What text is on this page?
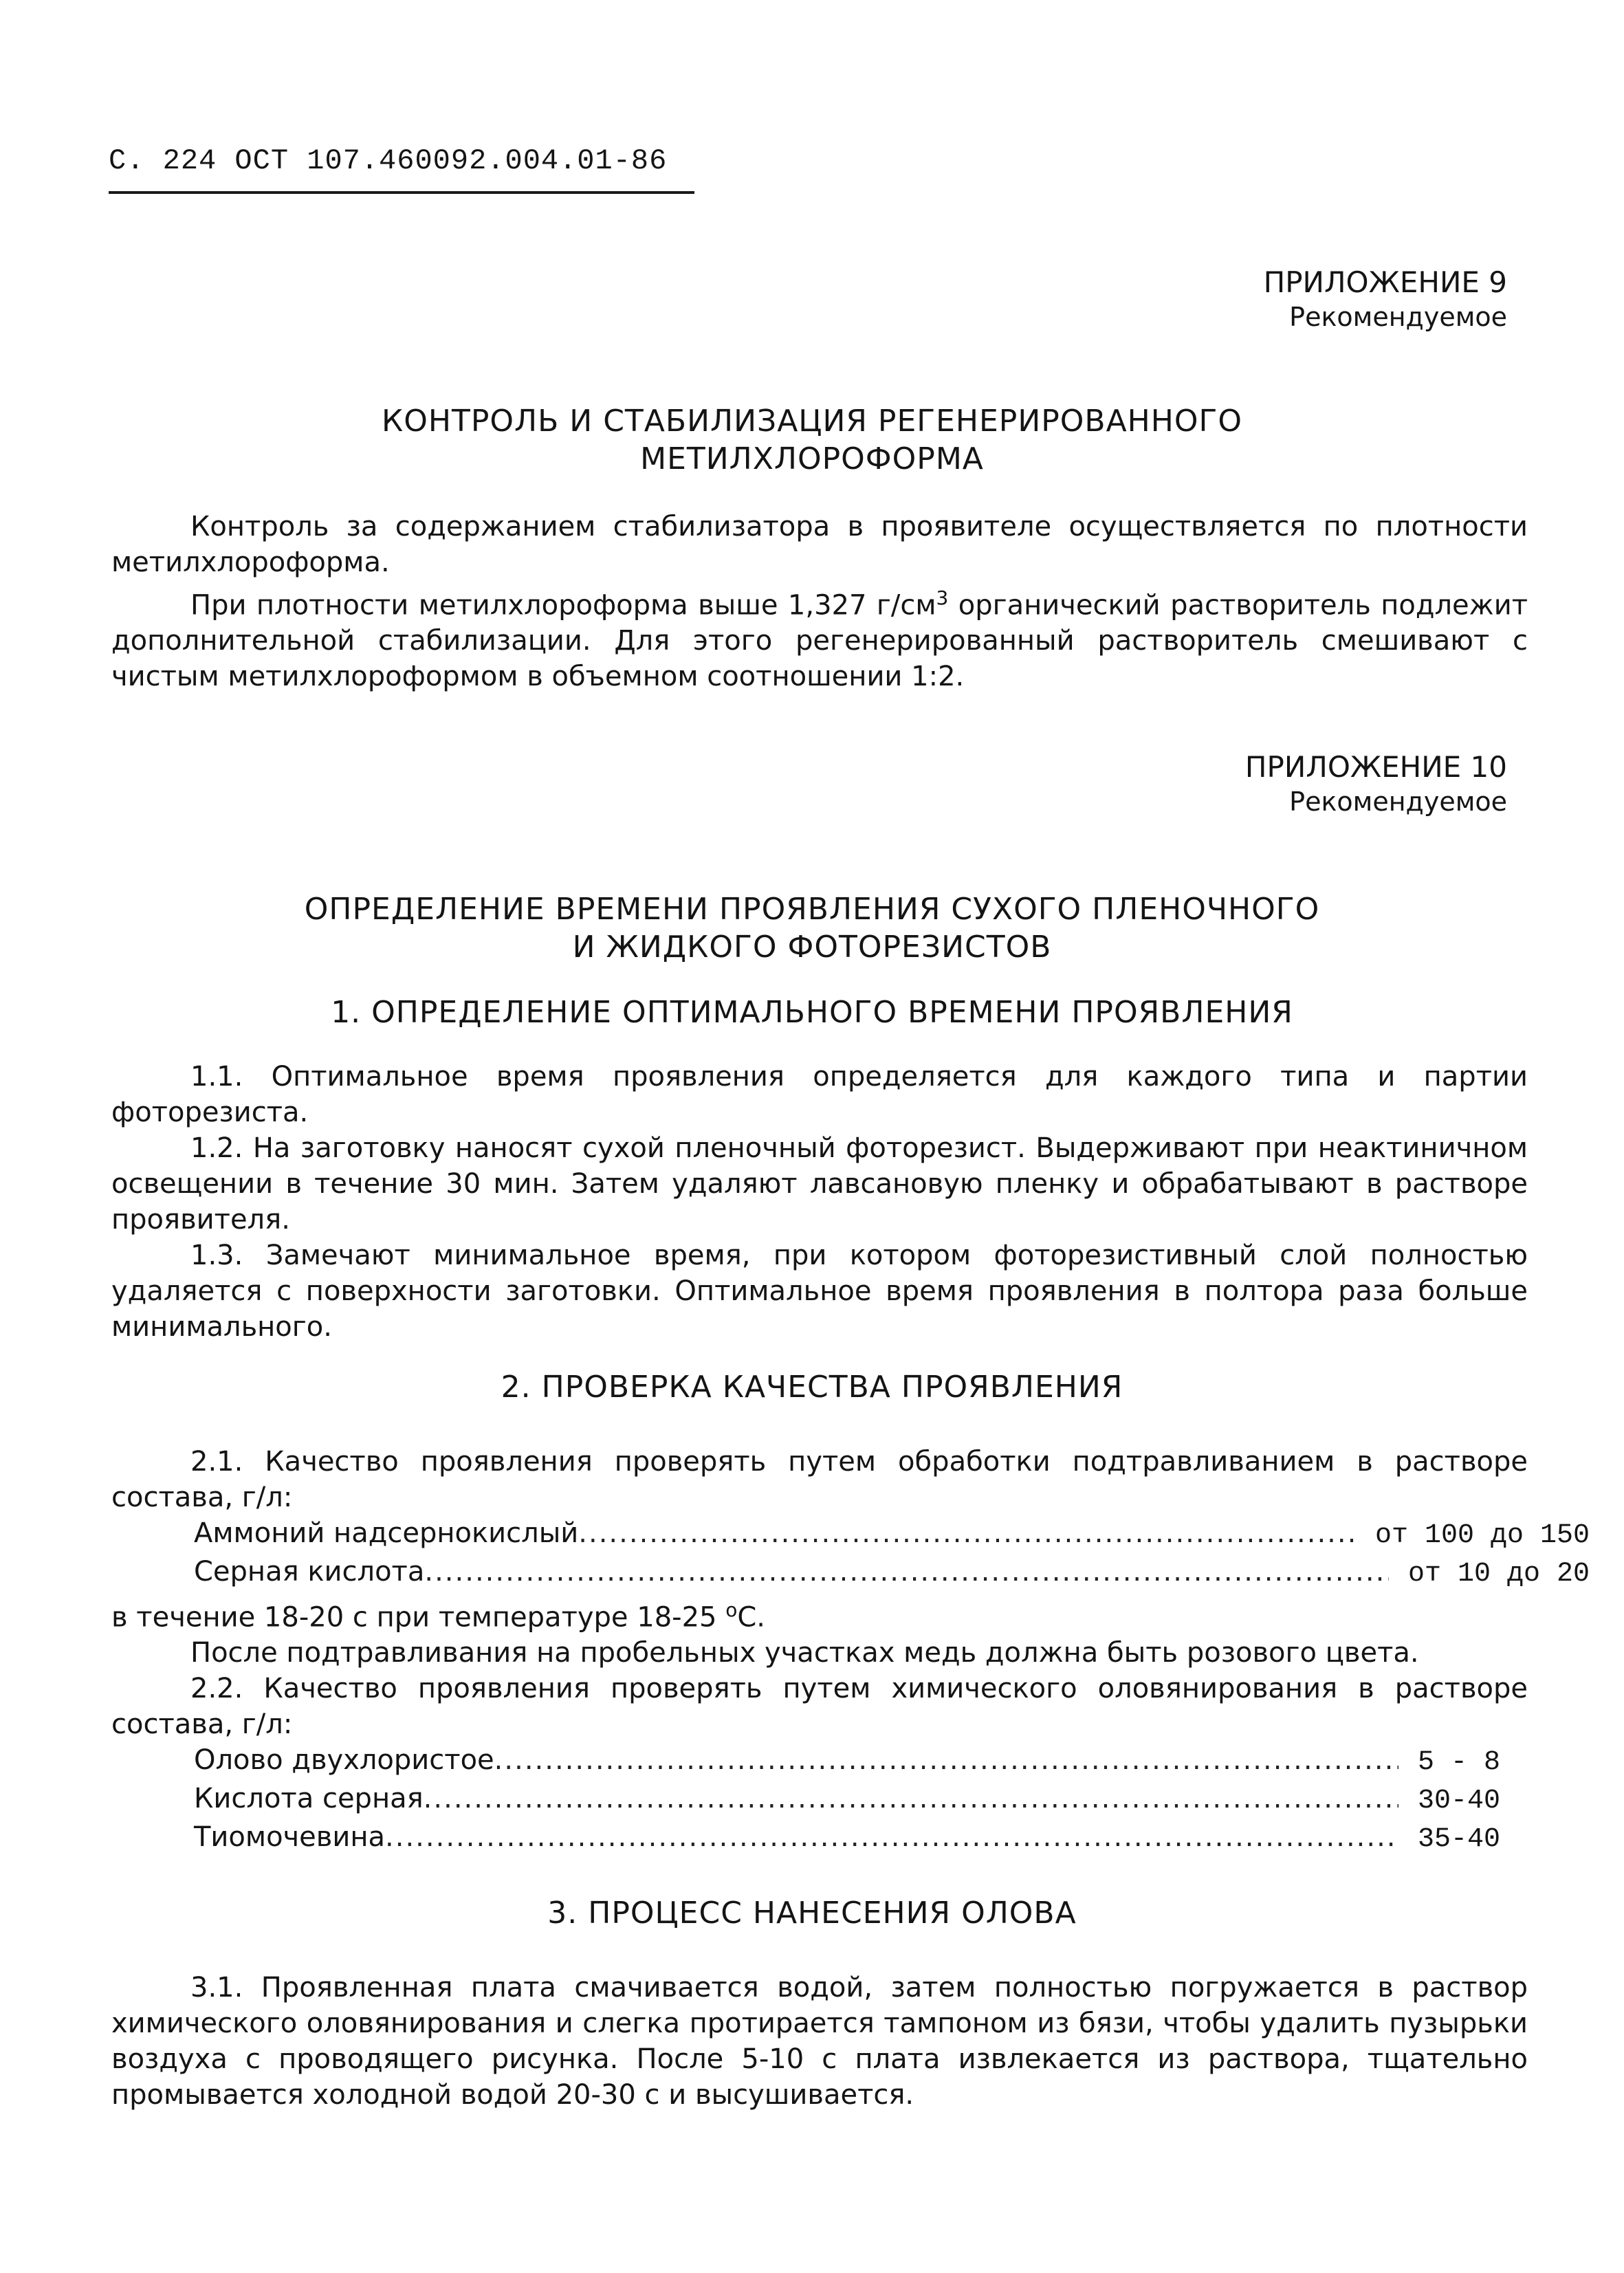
С. 224 ОСТ 107.460092.004.01-86
ПРИЛОЖЕНИЕ 9
Рекомендуемое
КОНТРОЛЬ И СТАБИЛИЗАЦИЯ РЕГЕНЕРИРОВАННОГО
МЕТИЛХЛОРОФОРМА

Контроль за содержанием стабилизатора в проявителе осуществляется по плотности метилхлороформа.

При плотности метилхлороформа выше 1,327 $г/см^3$ органический растворитель подлежит дополнительной стабилизации. Для этого регенерированный растворитель смешивают с чистым метилхлороформом в объемном соотношении 1:2.

ПРИЛОЖЕНИЕ 10
Рекомендуемое
ОПРЕДЕЛЕНИЕ ВРЕМЕНИ ПРОЯВЛЕНИЯ СУХОГО ПЛЕНОЧНОГО
И ЖИДКОГО ФОТОРЕЗИСТОВ
1. ОПРЕДЕЛЕНИЕ ОПТИМАЛЬНОГО ВРЕМЕНИ ПРОЯВЛЕНИЯ

1.1. Оптимальное время проявления определяется для каждого типа и партии фоторезиста.

1.2. На заготовку наносят сухой пленочный фоторезист. Выдерживают при неактиничном освещении в течение 30 мин. Затем удаляют лавсановую пленку и обрабатывают в растворе проявителя.

1.3. Замечают минимальное время, при котором фоторезистивный слой полностью удаляется с поверхности заготовки. Оптимальное время проявления в полтора раза больше минимального.

2. ПРОВЕРКА КАЧЕСТВА ПРОЯВЛЕНИЯ

2.1. Качество проявления проверять путем обработки подтравливанием в растворе состава, г/л:

Аммоний надсернокислый .....	от 100 до 150
Серная кислота .....	от 10 до 20

в течение 18-20 с при температуре 18-25 $^о$С.

После подтравливания на пробельных участках медь должна быть розового цвета.

2.2. Качество проявления проверять путем химического оловянирования в растворе состава, г/л:

Олово двухлористое .....	5 - 8
Кислота серная .....	30-40
Тиомочевина .....	35-40
3. ПРОЦЕСС НАНЕСЕНИЯ ОЛОВА

3.1. Проявленная плата смачивается водой, затем полностью погружается в раствор химического оловянирования и слегка протирается тампоном из бязи, чтобы удалить пузырьки воздуха с проводящего рисунка. После 5-10 с плата извлекается из раствора, тщательно промывается холодной водой 20-30 с и высушивается.
